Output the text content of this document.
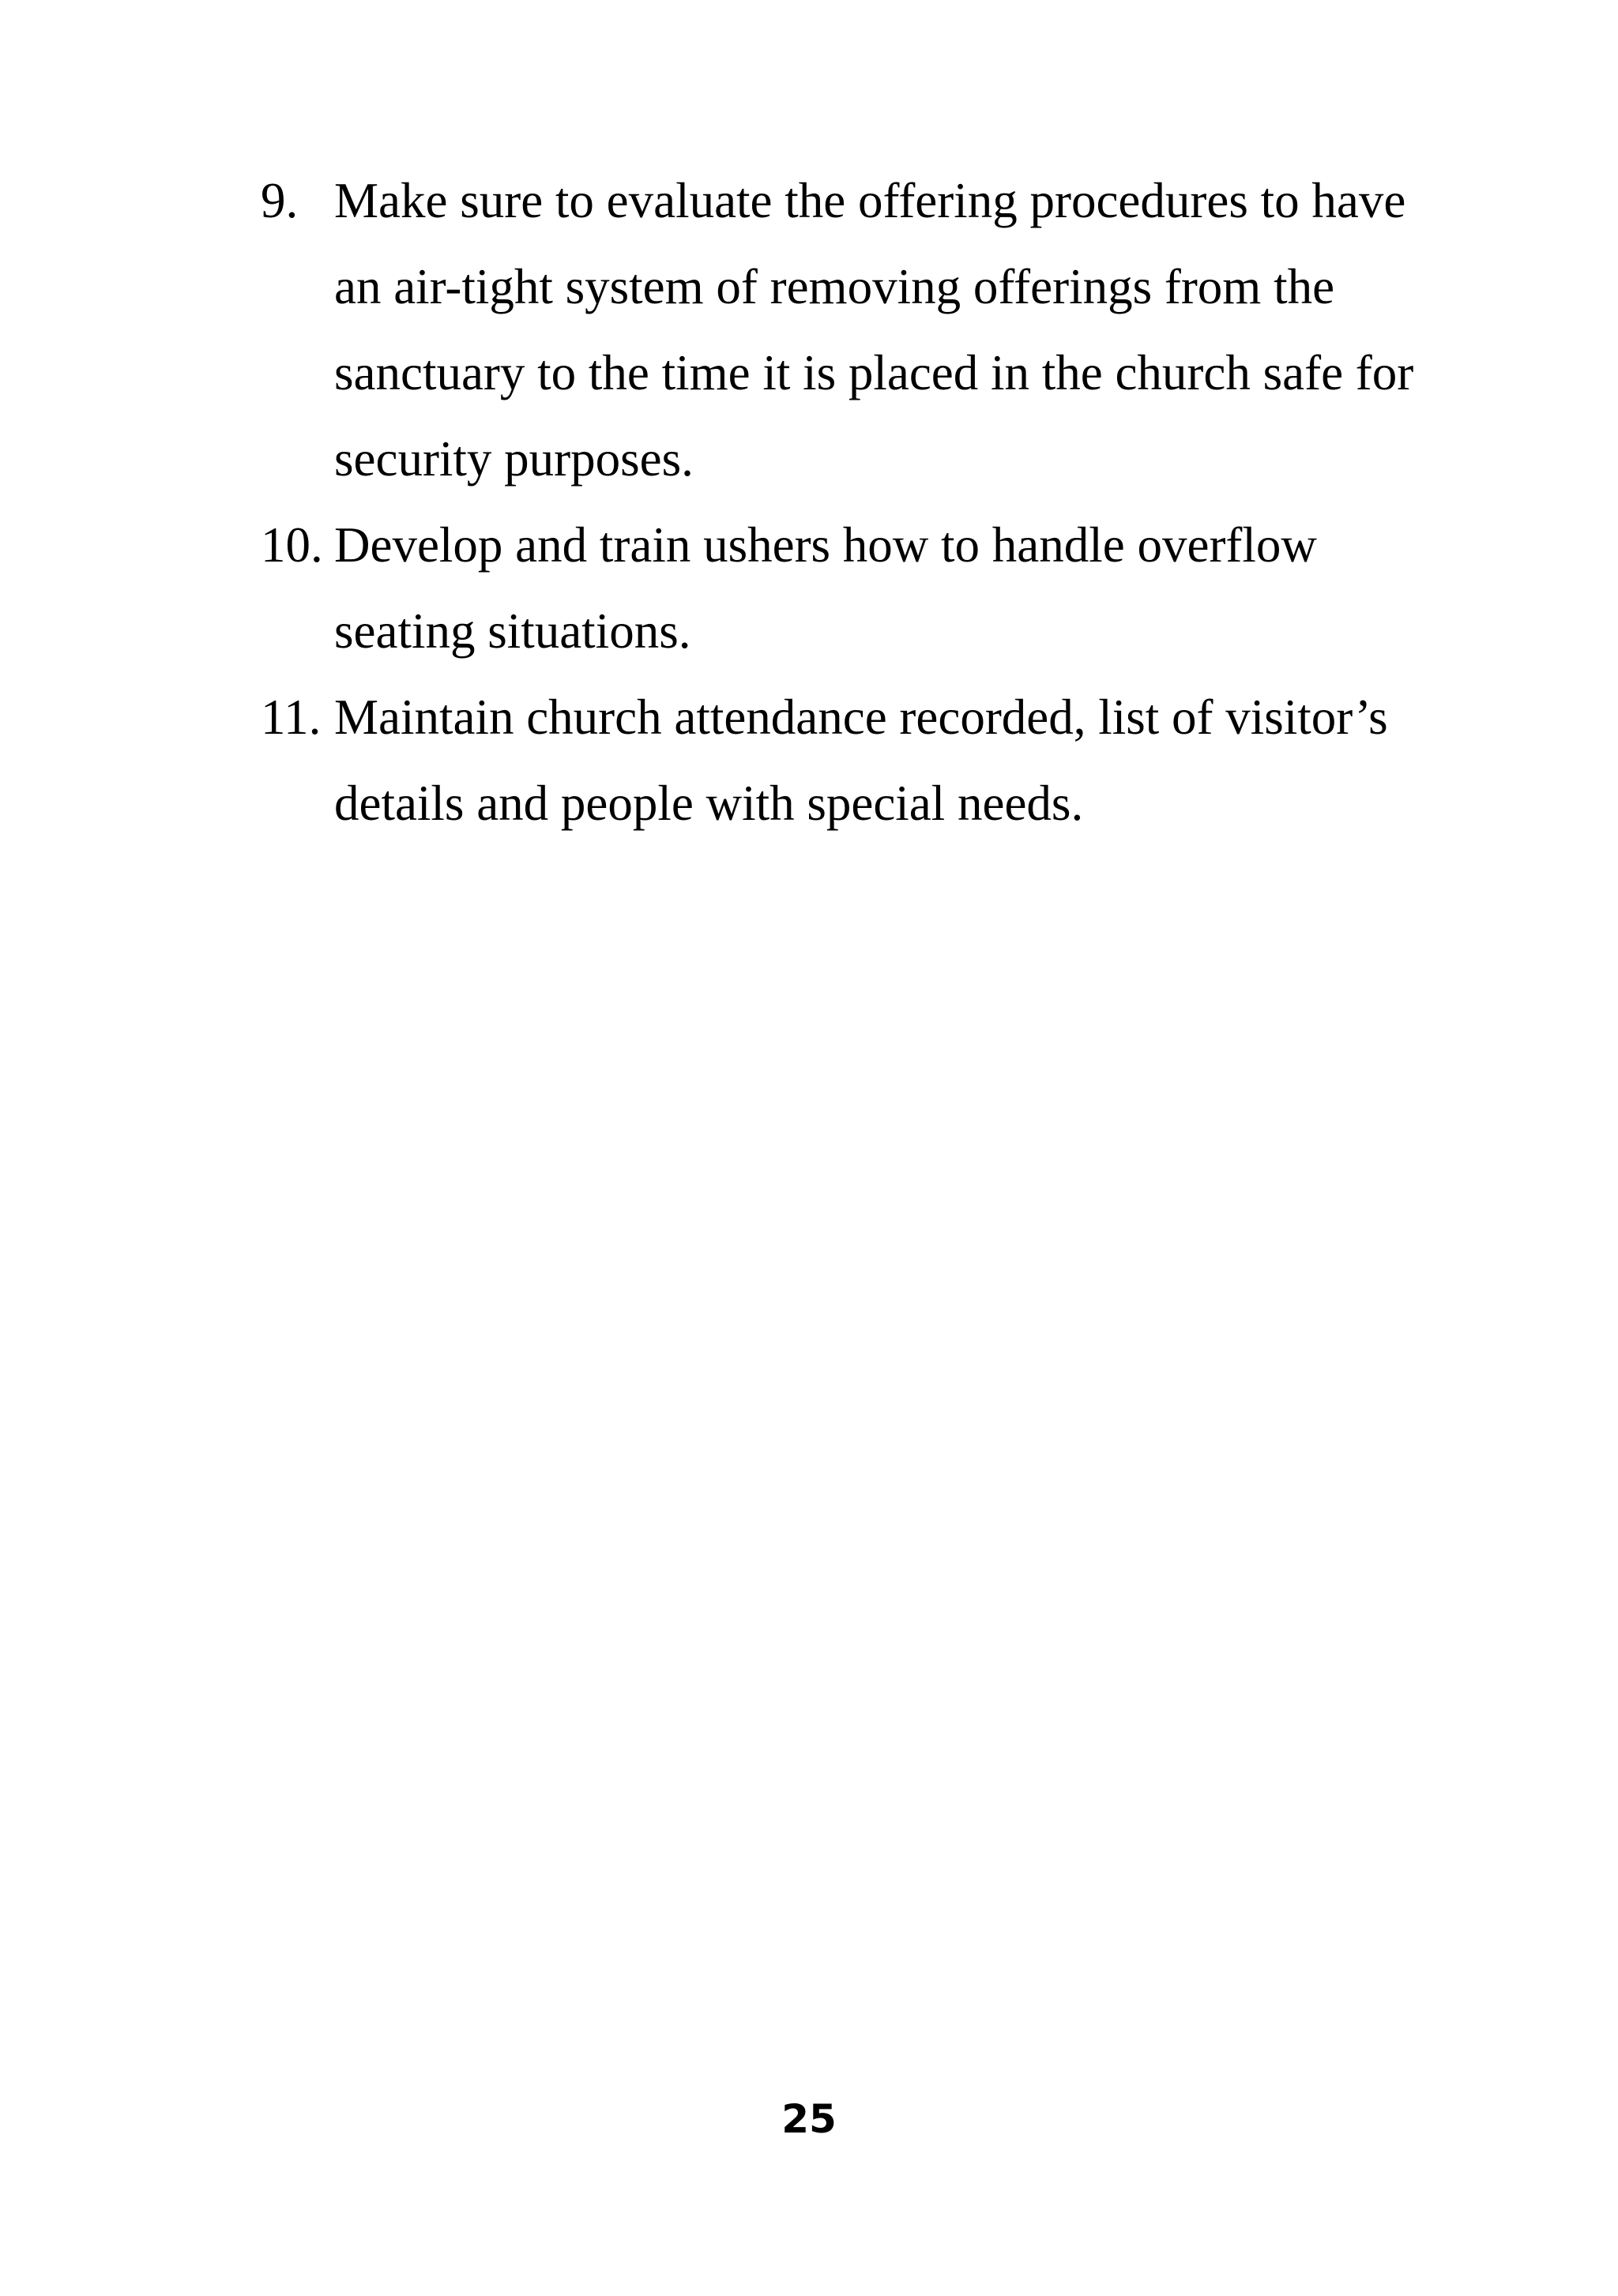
9. Make sure to evaluate the offering procedures to have
an air-tight system of removing offerings from the
sanctuary to the time it is placed in the church safe for
security purposes.
10. Develop and train ushers how to handle overflow
seating situations.
11. Maintain church attendance recorded, list of visitor’s
details and people with special needs.
25
